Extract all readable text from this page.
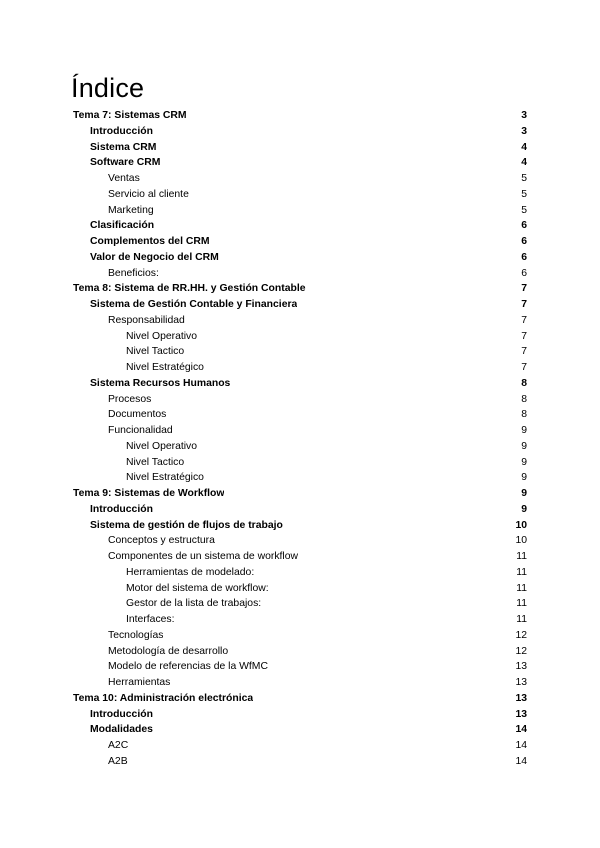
Índice
Tema 7: Sistemas CRM	3
Introducción	3
Sistema CRM	4
Software CRM	4
Ventas	5
Servicio al cliente	5
Marketing	5
Clasificación	6
Complementos del CRM	6
Valor de Negocio del CRM	6
Beneficios:	6
Tema 8: Sistema de RR.HH. y Gestión Contable	7
Sistema de Gestión Contable y Financiera	7
Responsabilidad	7
Nivel Operativo	7
Nivel Tactico	7
Nivel Estratégico	7
Sistema Recursos Humanos	8
Procesos	8
Documentos	8
Funcionalidad	9
Nivel Operativo	9
Nivel Tactico	9
Nivel Estratégico	9
Tema 9: Sistemas de Workflow	9
Introducción	9
Sistema de gestión de flujos de trabajo	10
Conceptos y estructura	10
Componentes de un sistema de workflow	11
Herramientas de modelado:	11
Motor del sistema de workflow:	11
Gestor de la lista de trabajos:	11
Interfaces:	11
Tecnologías	12
Metodología de desarrollo	12
Modelo de referencias de la WfMC	13
Herramientas	13
Tema 10: Administración electrónica	13
Introducción	13
Modalidades	14
A2C	14
A2B	14
